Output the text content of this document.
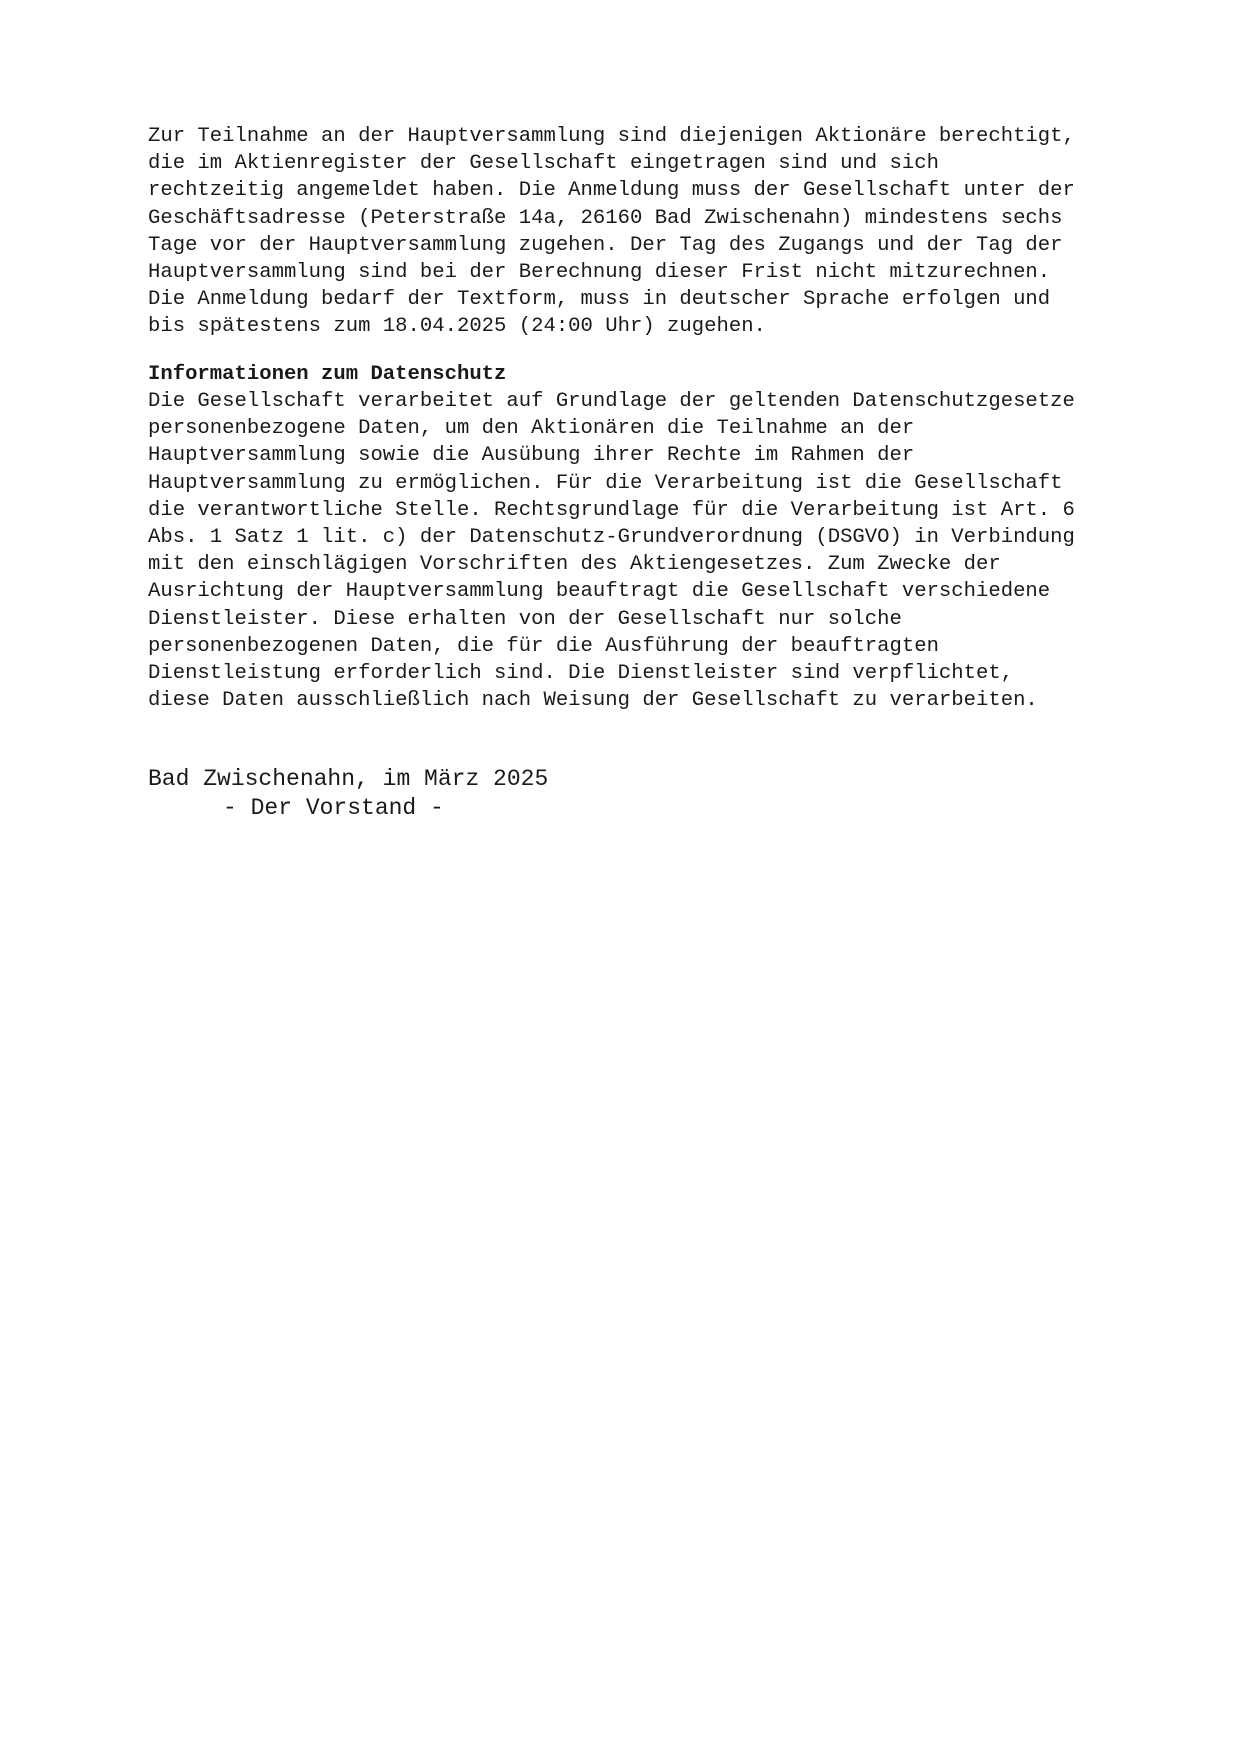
Zur Teilnahme an der Hauptversammlung sind diejenigen Aktionäre berechtigt,
die im Aktienregister der Gesellschaft eingetragen sind und sich
rechtzeitig angemeldet haben. Die Anmeldung muss der Gesellschaft unter der
Geschäftsadresse (Peterstraße 14a, 26160 Bad Zwischenahn) mindestens sechs
Tage vor der Hauptversammlung zugehen. Der Tag des Zugangs und der Tag der
Hauptversammlung sind bei der Berechnung dieser Frist nicht mitzurechnen.
Die Anmeldung bedarf der Textform, muss in deutscher Sprache erfolgen und
bis spätestens zum 18.04.2025 (24:00 Uhr) zugehen.
Informationen zum Datenschutz
Die Gesellschaft verarbeitet auf Grundlage der geltenden Datenschutzgesetze
personenbezogene Daten, um den Aktionären die Teilnahme an der
Hauptversammlung sowie die Ausübung ihrer Rechte im Rahmen der
Hauptversammlung zu ermöglichen. Für die Verarbeitung ist die Gesellschaft
die verantwortliche Stelle. Rechtsgrundlage für die Verarbeitung ist Art. 6
Abs. 1 Satz 1 lit. c) der Datenschutz-Grundverordnung (DSGVO) in Verbindung
mit den einschlägigen Vorschriften des Aktiengesetzes. Zum Zwecke der
Ausrichtung der Hauptversammlung beauftragt die Gesellschaft verschiedene
Dienstleister. Diese erhalten von der Gesellschaft nur solche
personenbezogenen Daten, die für die Ausführung der beauftragten
Dienstleistung erforderlich sind. Die Dienstleister sind verpflichtet,
diese Daten ausschließlich nach Weisung der Gesellschaft zu verarbeiten.
Bad Zwischenahn, im März 2025
- Der Vorstand -
